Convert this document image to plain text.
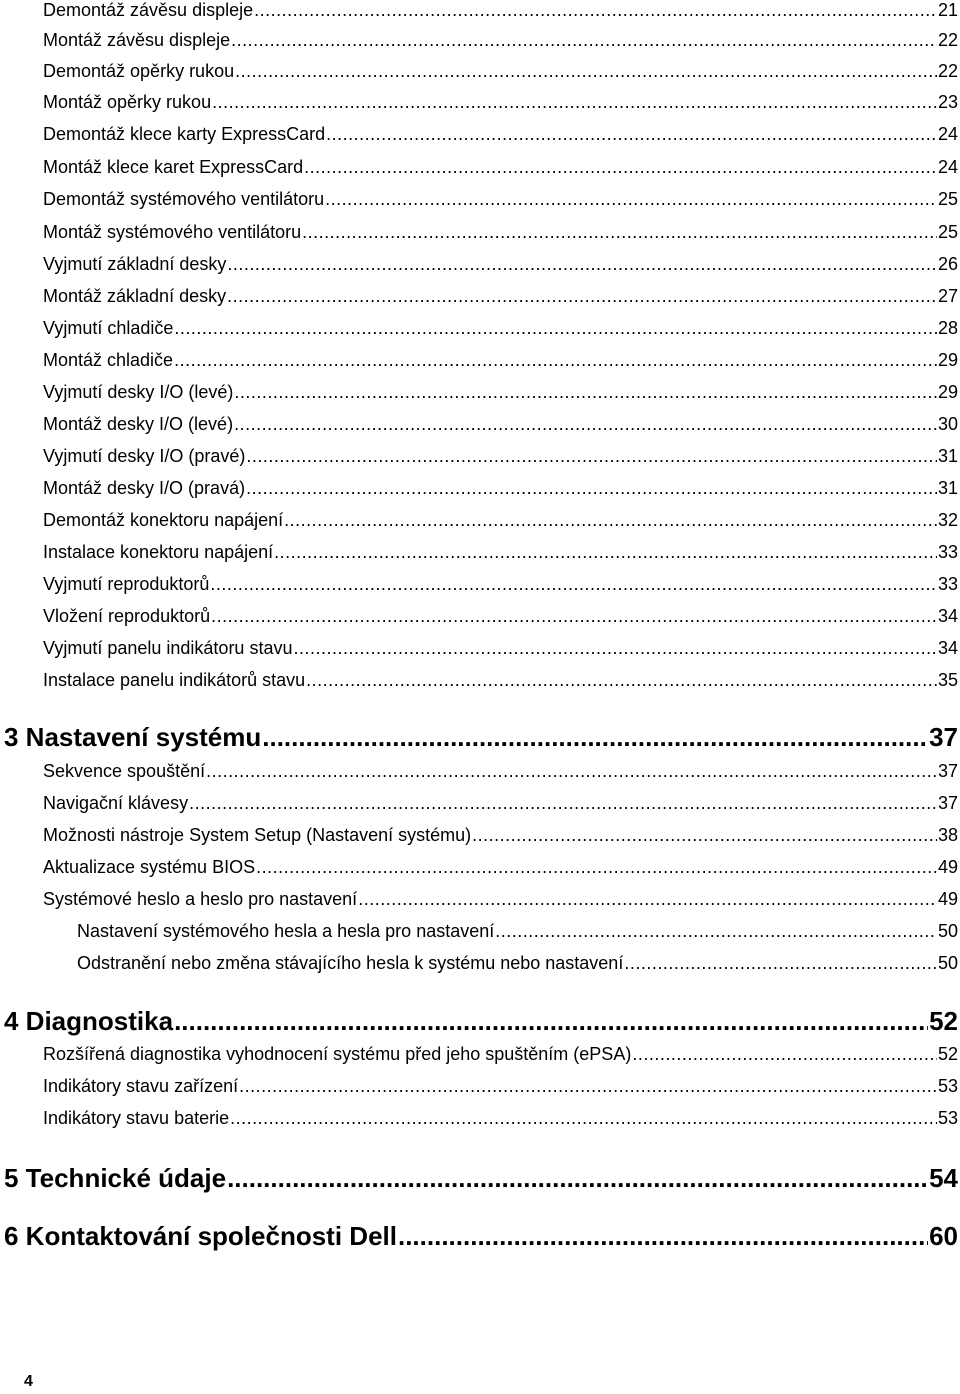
Demontáž závěsu displeje .....	21
Montáž závěsu displeje .....	22
Demontáž opěrky rukou .....	22
Montáž opěrky rukou .....	23
Demontáž klece karty ExpressCard .....	24
Montáž klece karet ExpressCard .....	24
Demontáž systémového ventilátoru .....	25
Montáž systémového ventilátoru .....	25
Vyjmutí základní desky .....	26
Montáž základní desky .....	27
Vyjmutí chladiče .....	28
Montáž chladiče .....	29
Vyjmutí desky I/O (levé) .....	29
Montáž desky I/O (levé) .....	30
Vyjmutí desky I/O (pravé) .....	31
Montáž desky I/O (pravá) .....	31
Demontáž konektoru napájení .....	32
Instalace konektoru napájení .....	33
Vyjmutí reproduktorů .....	33
Vložení reproduktorů .....	34
Vyjmutí panelu indikátoru stavu .....	34
Instalace panelu indikátorů stavu .....	35
3 Nastavení systému .....	37
Sekvence spouštění .....	37
Navigační klávesy .....	37
Možnosti nástroje System Setup (Nastavení systému) .....	38
Aktualizace systému BIOS .....	49
Systémové heslo a heslo pro nastavení .....	49
Nastavení systémového hesla a hesla pro nastavení .....	50
Odstranění nebo změna stávajícího hesla k systému nebo nastavení .....	50
4 Diagnostika .....	52
Rozšířená diagnostika vyhodnocení systému před jeho spuštěním (ePSA) .....	52
Indikátory stavu zařízení .....	53
Indikátory stavu baterie .....	53
5 Technické údaje .....	54
6 Kontaktování společnosti Dell .....	60
4
